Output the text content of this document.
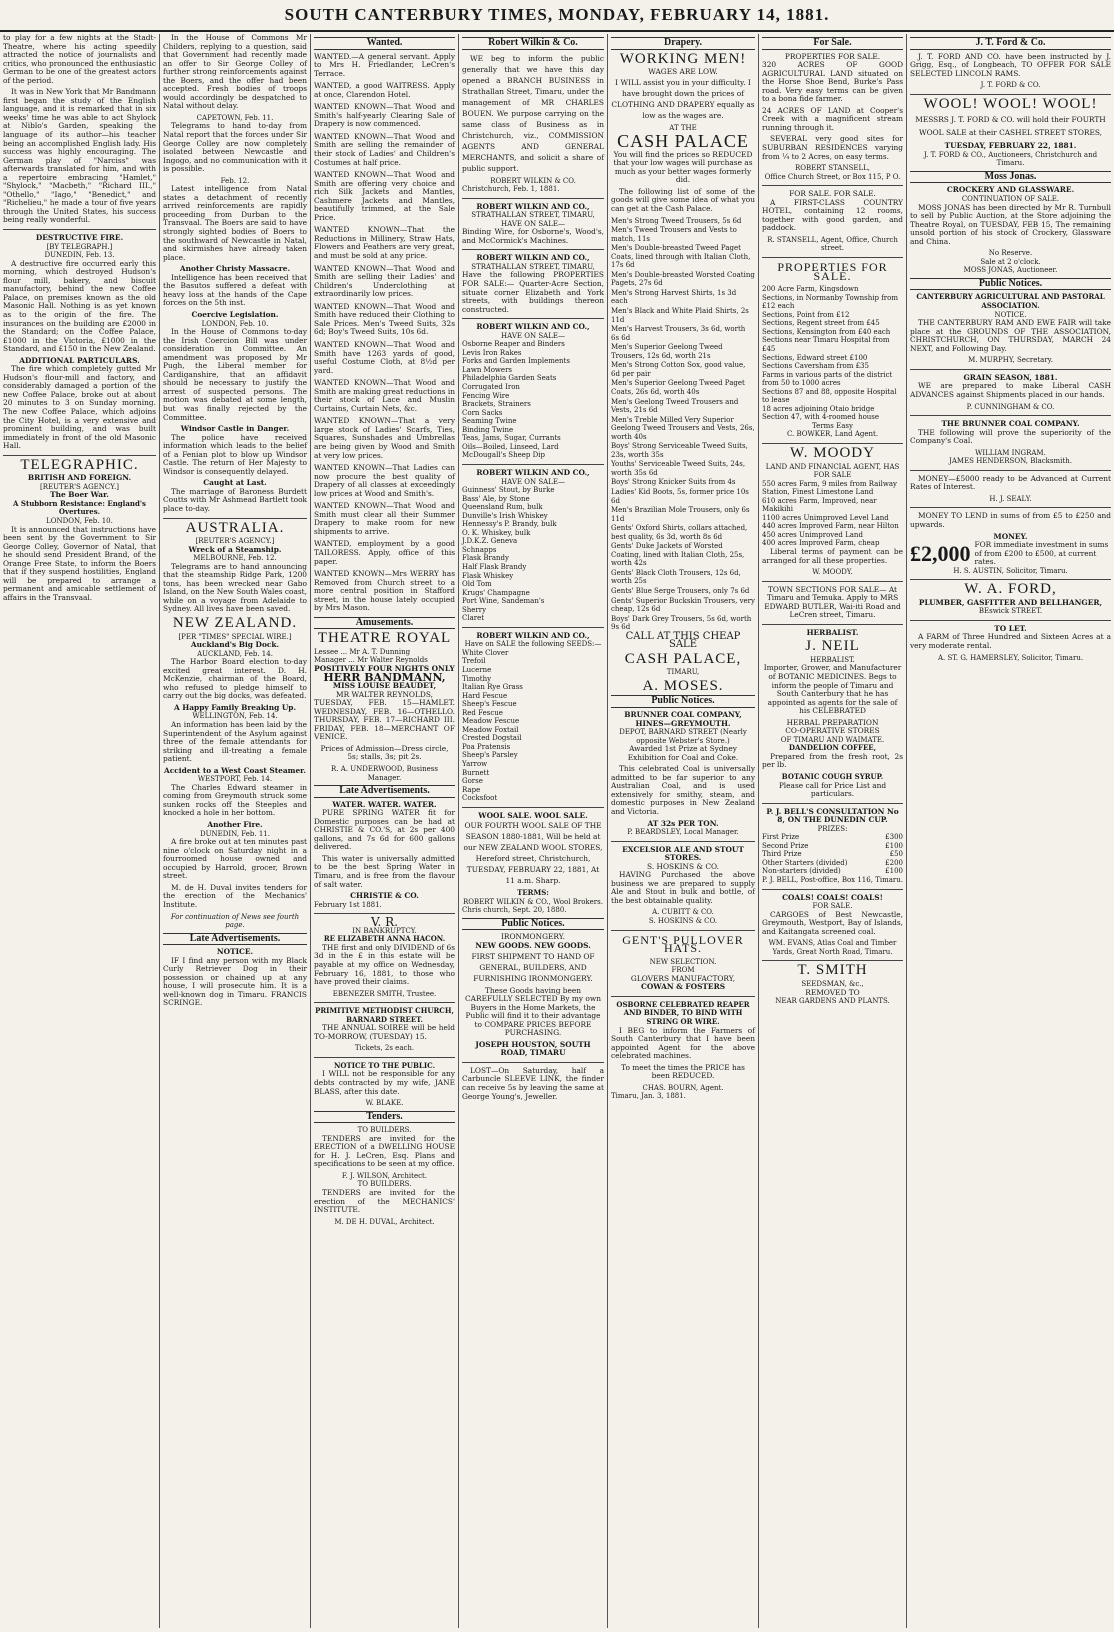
SOUTH CANTERBURY TIMES, MONDAY, FEBRUARY 14, 1881.

to play for a few nights at the Stadt-Theatre, where his acting speedily attracted the notice of journalists and critics, who pronounced the enthusiastic German to be one of the greatest actors of the period.

It was in New York that Mr Bandmann first began the study of the English language, and it is remarked that in six weeks' time he was able to act Shylock at Niblo's Garden, speaking the language of its author—his teacher being an accomplished English lady. His success was highly encouraging. The German play of "Narciss" was afterwards translated for him, and with a repertoire embracing "Hamlet," "Shylock," "Macbeth," "Richard III.," "Othello," "Iago," "Benedict," and "Richelieu," he made a tour of five years through the United States, his success being really wonderful.

DESTRUCTIVE FIRE.
[BY TELEGRAPH.]
DUNEDIN, Feb. 13.

A destructive fire occurred early this morning, which destroyed Hudson's flour mill, bakery, and biscuit manufactory, behind the new Coffee Palace, on premises known as the old Masonic Hall. Nothing is as yet known as to the origin of the fire. The insurances on the building are £2000 in the Standard; on the Coffee Palace, £1000 in the Victoria, £1000 in the Standard, and £150 in the New Zealand.

ADDITIONAL PARTICULARS.

The fire which completely gutted Mr Hudson's flour-mill and factory, and considerably damaged a portion of the new Coffee Palace, broke out at about 20 minutes to 3 on Sunday morning. The new Coffee Palace, which adjoins the City Hotel, is a very extensive and prominent building, and was built immediately in front of the old Masonic Hall.

TELEGRAPHIC.
BRITISH AND FOREIGN.
[REUTER'S AGENCY.]
The Boer War.
A Stubborn Resistance: England's Overtures.
LONDON, Feb. 10.

It is announced that instructions have been sent by the Government to Sir George Colley, Governor of Natal, that he should send President Brand, of the Orange Free State, to inform the Boers that if they suspend hostilities, England will be prepared to arrange a permanent and amicable settlement of affairs in the Transvaal.

In the House of Commons Mr Childers, replying to a question, said that Government had recently made an offer to Sir George Colley of further strong reinforcements against the Boers, and the offer had been accepted. Fresh bodies of troops would accordingly be despatched to Natal without delay.

CAPETOWN, Feb. 11.

Telegrams to hand to-day from Natal report that the forces under Sir George Colley are now completely isolated between Newcastle and Ingogo, and no communication with it is possible.

Feb. 12.

Latest intelligence from Natal states a detachment of recently arrived reinforcements are rapidly proceeding from Durban to the Transvaal. The Boers are said to have strongly sighted bodies of Boers to the southward of Newcastle in Natal, and skirmishes have already taken place.

Another Christy Massacre.

Intelligence has been received that the Basutos suffered a defeat with heavy loss at the hands of the Cape forces on the 5th inst.

Coercive Legislation.
LONDON, Feb. 10.

In the House of Commons to-day the Irish Coercion Bill was under consideration in Committee. An amendment was proposed by Mr Pugh, the Liberal member for Cardiganshire, that an affidavit should be necessary to justify the arrest of suspected persons. The motion was debated at some length, but was finally rejected by the Committee.

Windsor Castle in Danger.

The police have received information which leads to the belief of a Fenian plot to blow up Windsor Castle. The return of Her Majesty to Windsor is consequently delayed.

Caught at Last.

The marriage of Baroness Burdett Coutts with Mr Ashmead Bartlett took place to-day.

AUSTRALIA.
[REUTER'S AGENCY.]
Wreck of a Steamship.
MELBOURNE, Feb. 12.

Telegrams are to hand announcing that the steamship Ridge Park, 1200 tons, has been wrecked near Gabo Island, on the New South Wales coast, while on a voyage from Adelaide to Sydney. All lives have been saved.

NEW ZEALAND.
[PER "TIMES" SPECIAL WIRE.]
Auckland's Big Dock.
AUCKLAND, Feb. 14.

The Harbor Board election to-day excited great interest. D. H. McKenzie, chairman of the Board, who refused to pledge himself to carry out the big docks, was defeated.

A Happy Family Breaking Up.
WELLINGTON, Feb. 14.

An information has been laid by the Superintendent of the Asylum against three of the female attendants for striking and ill-treating a female patient.

Accident to a West Coast Steamer.
WESTPORT, Feb. 14.

The Charles Edward steamer in coming from Greymouth struck some sunken rocks off the Steeples and knocked a hole in her bottom.

Another Fire.
DUNEDIN, Feb. 11.

A fire broke out at ten minutes past nine o'clock on Saturday night in a fourroomed house owned and occupied by Harrold, grocer, Brown street.

M. de H. Duval invites tenders for the erection of the Mechanics' Institute.

For continuation of News see fourth page.
Late Advertisements.
NOTICE.

IF I find any person with my Black Curly Retriever Dog in their possession or chained up at any house, I will prosecute him. It is a well-known dog in Timaru. FRANCIS SCRINGE.

Wanted.
WANTED.—A general servant. Apply to Mrs H. Friedlander, LeCren's Terrace.
WANTED, a good WAITRESS. Apply at once, Clarendon Hotel.
WANTED KNOWN—That Wood and Smith's half-yearly Clearing Sale of Drapery is now commenced.
WANTED KNOWN—That Wood and Smith are selling the remainder of their stock of Ladies' and Children's Costumes at half price.
WANTED KNOWN—That Wood and Smith are offering very choice and rich Silk Jackets and Mantles, Cashmere Jackets and Mantles, beautifully trimmed, at the Sale Price.
WANTED KNOWN—That the Reductions in Millinery, Straw Hats, Flowers and Feathers are very great, and must be sold at any price.
WANTED KNOWN—That Wood and Smith are selling their Ladies' and Children's Underclothing at extraordinarily low prices.
WANTED KNOWN—That Wood and Smith have reduced their Clothing to Sale Prices. Men's Tweed Suits, 32s 6d; Boy's Tweed Suits, 10s 6d.
WANTED KNOWN—That Wood and Smith have 1263 yards of good, useful Costume Cloth, at 8½d per yard.
WANTED KNOWN—That Wood and Smith are making great reductions in their stock of Lace and Muslin Curtains, Curtain Nets, &c.
WANTED KNOWN—That a very large stock of Ladies' Scarfs, Ties, Squares, Sunshades and Umbrellas are being given by Wood and Smith at very low prices.
WANTED KNOWN—That Ladies can now procure the best quality of Drapery of all classes at exceedingly low prices at Wood and Smith's.
WANTED KNOWN—That Wood and Smith must clear all their Summer Drapery to make room for new shipments to arrive.
WANTED, employment by a good TAILORESS. Apply, office of this paper.
WANTED KNOWN—Mrs WERRY has Removed from Church street to a more central position in Stafford street, in the house lately occupied by Mrs Mason.
Amusements.
THEATRE ROYAL
Lessee ... Mr A. T. Dunning
Manager ... Mr Walter Reynolds
POSITIVELY FOUR NIGHTS ONLY
HERR BANDMANN,
MISS LOUISE BEAUDET,
MR WALTER REYNOLDS,

TUESDAY, FEB. 15—HAMLET. WEDNESDAY, FEB. 16—OTHELLO. THURSDAY, FEB. 17—RICHARD III. FRIDAY, FEB. 18—MERCHANT OF VENICE.

Prices of Admission—Dress circle, 5s; stalls, 3s; pit 2s.

R. A. UNDERWOOD, Business Manager.
Late Advertisements.
WATER. WATER. WATER.

PURE SPRING WATER fit for Domestic purposes can be had at CHRISTIE & CO.'S, at 2s per 400 gallons, and 7s 6d for 600 gallons delivered.

This water is universally admitted to be the best Spring Water in Timaru, and is free from the flavour of salt water.

CHRISTIE & CO.
February 1st 1881.
V. R.
IN BANKRUPTCY.
RE ELIZABETH ANNA HACON.

THE first and only DIVIDEND of 6s 3d in the £ in this estate will be payable at my office on Wednesday, February 16, 1881, to those who have proved their claims.

EBENEZER SMITH, Trustee.
PRIMITIVE METHODIST CHURCH, BARNARD STREET.

THE ANNUAL SOIREE will be held TO-MORROW, (TUESDAY) 15.

Tickets, 2s each.
NOTICE TO THE PUBLIC.

I WILL not be responsible for any debts contracted by my wife, JANE BLASS, after this date.

W. BLAKE.
Tenders.
TO BUILDERS.

TENDERS are invited for the ERECTION of a DWELLING HOUSE for H. J. LeCren, Esq. Plans and specifications to be seen at my office.

F. J. WILSON, Architect.
TO BUILDERS.

TENDERS are invited for the erection of the MECHANICS' INSTITUTE.

M. DE H. DUVAL, Architect.
Robert Wilkin & Co.

WE beg to inform the public generally that we have this day opened a BRANCH BUSINESS in Strathallan Street, Timaru, under the management of MR CHARLES BOUEN. We purpose carrying on the same class of Business as in Christchurch, viz., COMMISSION AGENTS AND GENERAL MERCHANTS, and solicit a share of public support.

ROBERT WILKIN & CO.
Christchurch, Feb. 1, 1881.
ROBERT WILKIN AND CO.,
STRATHALLAN STREET, TIMARU,
HAVE ON SALE—

Binding Wire, for Osborne's, Wood's, and McCormick's Machines.

ROBERT WILKIN AND CO.,
STRATHALLAN STREET, TIMARU,

Have the following PROPERTIES FOR SALE:— Quarter-Acre Section, situate corner Elizabeth and York streets, with buildings thereon constructed.

ROBERT WILKIN AND CO.,
HAVE ON SALE—
Osborne Reaper and Binders
Levis Iron Rakes
Forks and Garden Implements
Lawn Mowers
Philadelphia Garden Seats
Corrugated Iron
Fencing Wire
Brackets, Strainers
Corn Sacks
Seaming Twine
Binding Twine
Teas, Jams, Sugar, Currants
Oils—Boiled, Linseed, Lard
McDougall's Sheep Dip
ROBERT WILKIN AND CO.,
HAVE ON SALE—
Guinness' Stout, by Burke
Bass' Ale, by Stone
Queensland Rum, bulk
Dunville's Irish Whiskey
Hennessy's P. Brandy, bulk
O. K. Whiskey, bulk
J.D.K.Z. Geneva
Schnapps
Flask Brandy
Half Flask Brandy
Flask Whiskey
Old Tom
Krugs' Champagne
Port Wine, Sandeman's
Sherry
Claret
ROBERT WILKIN AND CO.,
Have on SALE the following SEEDS:—
White Clover
Trefoil
Lucerne
Timothy
Italian Rye Grass
Hard Fescue
Sheep's Fescue
Red Fescue
Meadow Fescue
Meadow Foxtail
Crested Dogstail
Poa Pratensis
Sheep's Parsley
Yarrow
Burnett
Gorse
Rape
Cocksfoot
WOOL SALE. WOOL SALE.

OUR FOURTH WOOL SALE OF THE SEASON 1880-1881, Will be held at our NEW ZEALAND WOOL STORES, Hereford street, Christchurch, TUESDAY, FEBRUARY 22, 1881, At 11 a.m. Sharp.

TERMS:
ROBERT WILKIN & CO., Wool Brokers.
Chris church, Sept. 20, 1880.
Public Notices.
IRONMONGERY.
NEW GOODS. NEW GOODS.

FIRST SHIPMENT TO HAND OF GENERAL, BUILDERS, AND FURNISHING IRONMONGERY.

These Goods having been CAREFULLY SELECTED By my own Buyers in the Home Markets, the Public will find it to their advantage to COMPARE PRICES BEFORE PURCHASING.

JOSEPH HOUSTON, SOUTH ROAD, TIMARU

LOST—On Saturday, half a Carbuncle SLEEVE LINK, the finder can receive 5s by leaving the same at George Young's, Jeweller.

Drapery.
WORKING MEN!
WAGES ARE LOW.

I WILL assist you in your difficulty. I have brought down the prices of CLOTHING AND DRAPERY equally as low as the wages are.

AT THE
CASH PALACE

You will find the prices so REDUCED that your low wages will purchase as much as your better wages formerly did.

The following list of some of the goods will give some idea of what you can get at the Cash Palace.

Men's Strong Tweed Trousers, 5s 6d
Men's Tweed Trousers and Vests to match, 11s
Men's Double-breasted Tweed Paget Coats, lined through with Italian Cloth, 17s 6d
Men's Double-breasted Worsted Coating Pagets, 27s 6d
Men's Strong Harvest Shirts, 1s 3d each
Men's Black and White Plaid Shirts, 2s 11d
Men's Harvest Trousers, 3s 6d, worth 6s 6d
Men's Superior Geelong Tweed Trousers, 12s 6d, worth 21s
Men's Strong Cotton Sox, good value, 6d per pair
Men's Superior Geelong Tweed Paget Coats, 26s 6d, worth 40s
Men's Geelong Tweed Trousers and Vests, 21s 6d
Men's Treble Milled Very Superior Geelong Tweed Trousers and Vests, 26s, worth 40s
Boys' Strong Serviceable Tweed Suits, 23s, worth 35s
Youths' Serviceable Tweed Suits, 24s, worth 35s 6d
Boys' Strong Knicker Suits from 4s
Ladies' Kid Boots, 5s, former price 10s 6d
Men's Brazilian Mole Trousers, only 6s 11d
Gents' Oxford Shirts, collars attached, best quality, 6s 3d, worth 8s 6d
Gents' Duke Jackets of Worsted Coating, lined with Italian Cloth, 25s, worth 42s
Gents' Black Cloth Trousers, 12s 6d, worth 25s
Gents' Blue Serge Trousers, only 7s 6d
Gents' Superior Buckskin Trousers, very cheap, 12s 6d
Boys' Dark Grey Trousers, 5s 6d, worth 9s 6d
CALL AT THIS CHEAP SALE
CASH PALACE,
TIMARU,
A. MOSES.
Public Notices.
BRUNNER COAL COMPANY, HINES—GREYMOUTH.
DEPOT, BARNARD STREET (Nearly opposite Webster's Store.)

Awarded 1st Prize at Sydney Exhibition for Coal and Coke.

This celebrated Coal is universally admitted to be far superior to any Australian Coal, and is used extensively for smithy, steam, and domestic purposes in New Zealand and Victoria.

AT 32s PER TON.
P. BEARDSLEY, Local Manager.
EXCELSIOR ALE AND STOUT STORES.
S. HOSKINS & CO.

HAVING Purchased the above business we are prepared to supply Ale and Stout in bulk and bottle, of the best obtainable quality.

A. CUBITT & CO.
S. HOSKINS & CO.
GENT'S PULLOVER HATS.
NEW SELECTION.
FROM
GLOVERS MANUFACTORY,
COWAN & FOSTERS
OSBORNE CELEBRATED REAPER AND BINDER, TO BIND WITH STRING OR WIRE.

I BEG to inform the Farmers of South Canterbury that I have been appointed Agent for the above celebrated machines.

To meet the times the PRICE has been REDUCED.

CHAS. BOURN, Agent.
Timaru, Jan. 3, 1881.
For Sale.
PROPERTIES FOR SALE.

320 ACRES OF GOOD AGRICULTURAL LAND situated on the Horse Shoe Bend, Burke's Pass road. Very easy terms can be given to a bona fide farmer.

24 ACRES OF LAND at Cooper's Creek with a magnificent stream running through it.

SEVERAL very good sites for SUBURBAN RESIDENCES varying from ¼ to 2 Acres, on easy terms.

ROBERT STANSELL,
Office Church Street, or Box 115, P O.
FOR SALE. FOR SALE.

A FIRST-CLASS COUNTRY HOTEL, containing 12 rooms, together with good garden, and paddock.

R. STANSELL, Agent, Office, Church street.
PROPERTIES FOR SALE.
200 Acre Farm, Kingsdown
Sections, in Normanby Township from £12 each
Sections, Point from £12
Sections, Regent street from £45
Sections, Kensington from £40 each
Sections near Timaru Hospital from £45
Sections, Edward street £100
Sections Caversham from £35
Farms in various parts of the district from 50 to 1000 acres
Sections 87 and 88, opposite Hospital to lease
18 acres adjoining Otaio bridge
Section 47, with 4-roomed house
Terms Easy
C. BOWKER, Land Agent.
W. MOODY
LAND AND FINANCIAL AGENT, HAS FOR SALE
550 acres Farm, 9 miles from Railway Station, Finest Limestone Land
610 acres Farm, Improved, near Makikihi
1100 acres Unimproved Level Land
440 acres Improved Farm, near Hilton
450 acres Unimproved Land
400 acres Improved Farm, cheap

Liberal terms of payment can be arranged for all these properties.

W. MOODY.

TOWN SECTIONS FOR SALE— At Timaru and Temuka. Apply to MRS EDWARD BUTLER, Wai-iti Road and LeCren street, Timaru.

HERBALIST.
J. NEIL
HERBALIST.

Importer, Grower, and Manufacturer of BOTANIC MEDICINES. Begs to inform the people of Timaru and South Canterbury that he has appointed as agents for the sale of his CELEBRATED

HERBAL PREPARATION
CO-OPERATIVE STORES
OF TIMARU AND WAIMATE.
DANDELION COFFEE,

Prepared from the fresh root, 2s per lb.

BOTANIC COUGH SYRUP.

Please call for Price List and particulars.

P. J. BELL'S CONSULTATION No 8, ON THE DUNEDIN CUP.
PRIZES:
First Prize	£300
Second Prize	£100
Third Prize	£50
Other Starters (divided)	£200
Non-starters (divided)	£100
P. J. BELL, Post-office, Box 116, Timaru.
COALS! COALS! COALS!
FOR SALE.

CARGOES of Best Newcastle, Greymouth, Westport, Bay of Islands, and Kaitangata screened coal.

WM. EVANS, Atlas Coal and Timber Yards, Great North Road, Timaru.
T. SMITH
SEEDSMAN, &c.,
REMOVED TO
NEAR GARDENS AND PLANTS.
J. T. Ford & Co.

J. T. FORD AND CO. have been instructed by J. Grigg, Esq., of Longbeach, TO OFFER FOR SALE SELECTED LINCOLN RAMS.

J. T. FORD & CO.
WOOL! WOOL! WOOL!

MESSRS J. T. FORD & CO. will hold their FOURTH WOOL SALE at their CASHEL STREET STORES,

TUESDAY, FEBRUARY 22, 1881.
J. T. FORD & CO., Auctioneers, Christchurch and Timaru.
Moss Jonas.
CROCKERY AND GLASSWARE.
CONTINUATION OF SALE.

MOSS JONAS has been directed by Mr R. Turnbull to sell by Public Auction, at the Store adjoining the Theatre Royal, on TUESDAY, FEB 15, The remaining unsold portion of his stock of Crockery, Glassware and China.

No Reserve.
Sale at 2 o'clock.
MOSS JONAS, Auctioneer.
Public Notices.
CANTERBURY AGRICULTURAL AND PASTORAL ASSOCIATION.
NOTICE.

THE CANTERBURY RAM AND EWE FAIR will take place at the GROUNDS OF THE ASSOCIATION, CHRISTCHURCH, ON THURSDAY, MARCH 24 NEXT, and Following Day.

M. MURPHY, Secretary.
GRAIN SEASON, 1881.

WE are prepared to make Liberal CASH ADVANCES against Shipments placed in our hands.

P. CUNNINGHAM & CO.
THE BRUNNER COAL COMPANY.

THE following will prove the superiority of the Company's Coal.

WILLIAM INGRAM.
JAMES HENDERSON, Blacksmith.

MONEY—£5000 ready to be Advanced at Current Rates of Interest.

H. J. SEALY.

MONEY TO LEND in sums of from £5 to £250 and upwards.

MONEY.
£2,000 FOR immediate investment in sums of from £200 to £500, at current rates.
H. S. AUSTIN, Solicitor, Timaru.
W. A. FORD,
PLUMBER, GASFITTER AND BELLHANGER,
BEswick STREET.
TO LET.

A FARM of Three Hundred and Sixteen Acres at a very moderate rental.

A. ST. G. HAMERSLEY, Solicitor, Timaru.
